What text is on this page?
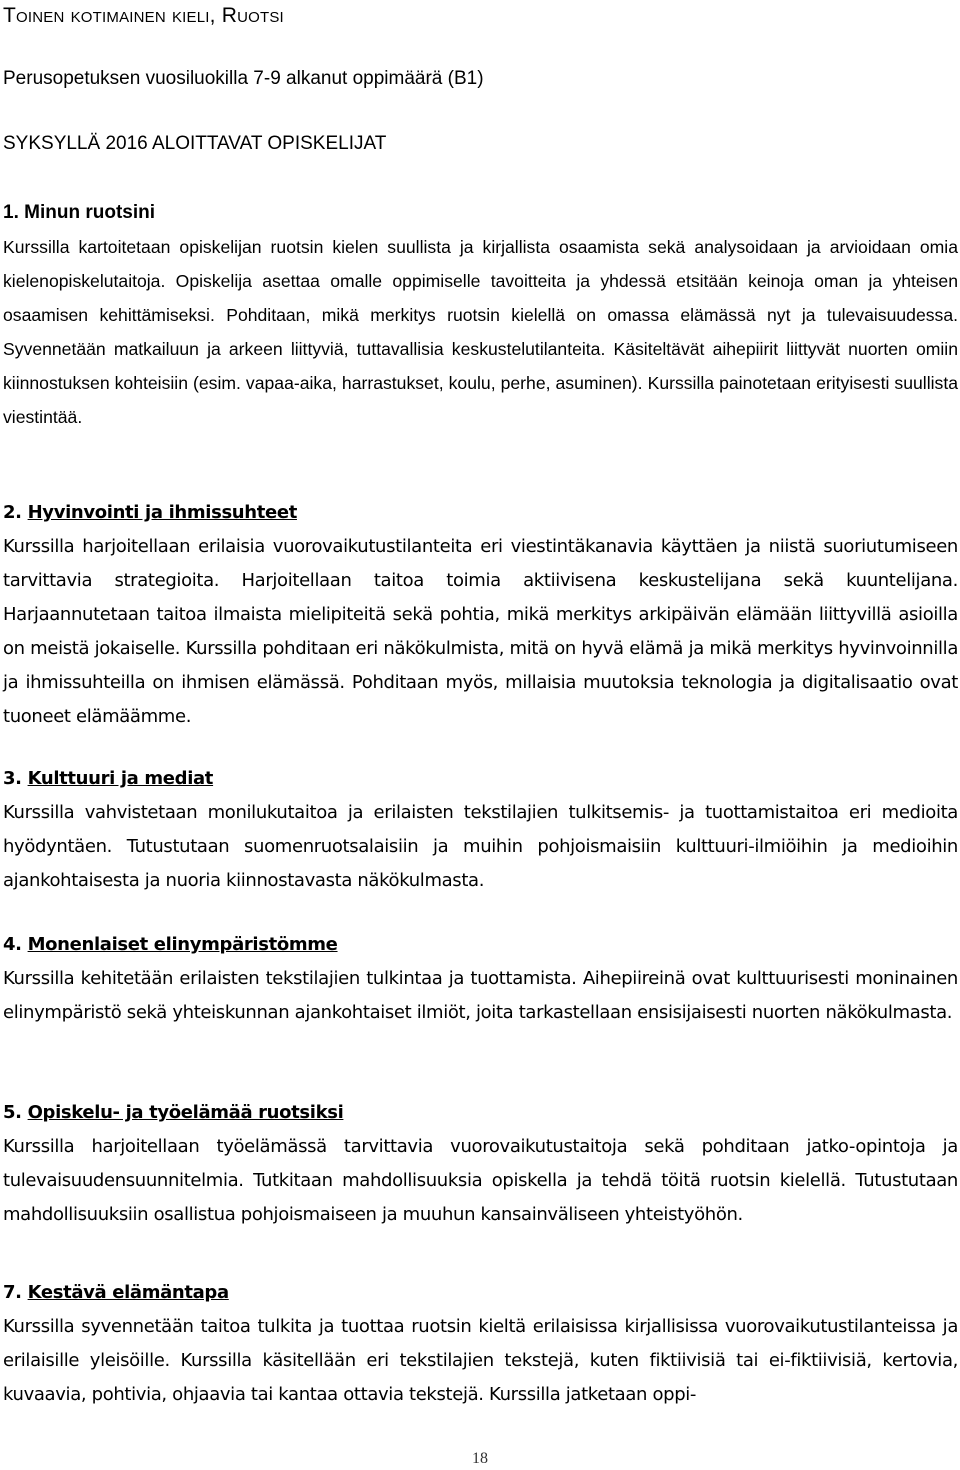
Toinen kotimainen kieli, Ruotsi
Perusopetuksen vuosiluokilla 7-9 alkanut oppimäärä (B1)
SYKSYLLÄ 2016 ALOITTAVAT OPISKELIJAT
1. Minun ruotsini

Kurssilla kartoitetaan opiskelijan ruotsin kielen suullista ja kirjallista osaamista sekä analysoidaan ja arvioidaan omia kielenopiskelutaitoja. Opiskelija asettaa omalle oppimiselle tavoitteita ja yhdessä etsitään keinoja oman ja yhteisen osaamisen kehittämiseksi. Pohditaan, mikä merkitys ruotsin kielellä on omassa elämässä nyt ja tulevaisuudessa. Syvennetään matkailuun ja arkeen liittyviä, tuttavallisia keskustelutilanteita. Käsiteltävät aihepiirit liittyvät nuorten omiin kiinnostuksen kohteisiin (esim. vapaa-aika, harrastukset, koulu, perhe, asuminen). Kurssilla painotetaan erityisesti suullista viestintää.

2. Hyvinvointi ja ihmissuhteet

Kurssilla harjoitellaan erilaisia vuorovaikutustilanteita eri viestintäkanavia käyttäen ja niistä suoriutumiseen tarvittavia strategioita. Harjoitellaan taitoa toimia aktiivisena keskustelijana sekä kuuntelijana. Harjaannutetaan taitoa ilmaista mielipiteitä sekä pohtia, mikä merkitys arkipäivän elämään liittyvillä asioilla on meistä jokaiselle. Kurssilla pohditaan eri näkökulmista, mitä on hyvä elämä ja mikä merkitys hyvinvoinnilla ja ihmissuhteilla on ihmisen elämässä. Pohditaan myös, millaisia muutoksia teknologia ja digitalisaatio ovat tuoneet elämäämme.

3. Kulttuuri ja mediat

Kurssilla vahvistetaan monilukutaitoa ja erilaisten tekstilajien tulkitsemis- ja tuottamistaitoa eri medioita hyödyntäen. Tutustutaan suomenruotsalaisiin ja muihin pohjoismaisiin kulttuuri-ilmiöihin ja medioihin ajankohtaisesta ja nuoria kiinnostavasta näkökulmasta.

4. Monenlaiset elinympäristömme

Kurssilla kehitetään erilaisten tekstilajien tulkintaa ja tuottamista. Aihepiireinä ovat kulttuurisesti moninainen elinympäristö sekä yhteiskunnan ajankohtaiset ilmiöt, joita tarkastellaan ensisijaisesti nuorten näkökulmasta.

5. Opiskelu- ja työelämää ruotsiksi

Kurssilla harjoitellaan työelämässä tarvittavia vuorovaikutustaitoja sekä pohditaan jatko-opintoja ja tulevaisuudensuunnitelmia. Tutkitaan mahdollisuuksia opiskella ja tehdä töitä ruotsin kielellä. Tutustutaan mahdollisuuksiin osallistua pohjoismaiseen ja muuhun kansainväliseen yhteistyöhön.

7. Kestävä elämäntapa

Kurssilla syvennetään taitoa tulkita ja tuottaa ruotsin kieltä erilaisissa kirjallisissa vuorovaikutustilanteissa ja erilaisille yleisöille. Kurssilla käsitellään eri tekstilajien tekstejä, kuten fiktiivisiä tai ei-fiktiivisiä, kertovia, kuvaavia, pohtivia, ohjaavia tai kantaa ottavia tekstejä. Kurssilla jatketaan oppi-

18
